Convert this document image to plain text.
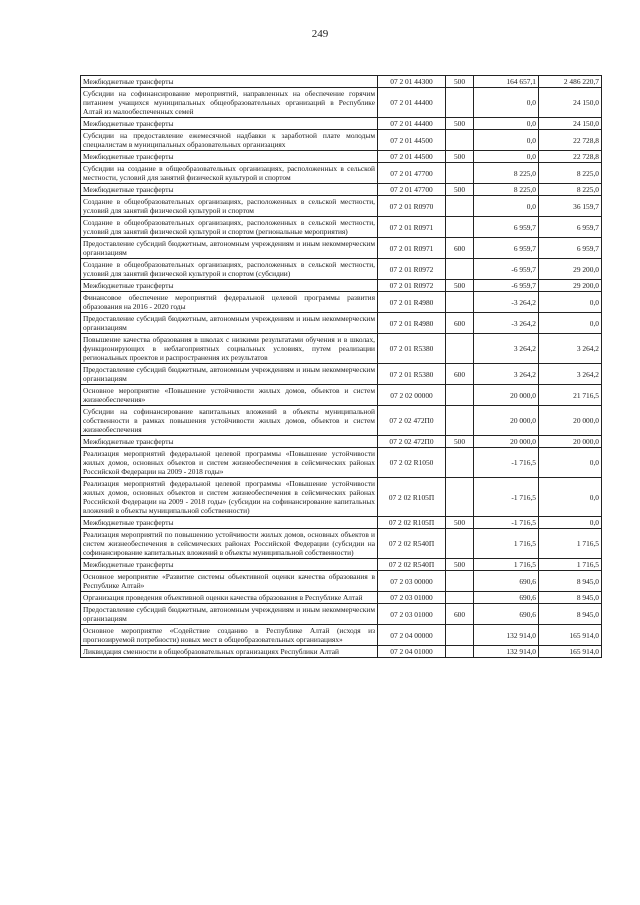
249
Межбюджетные трансферты	07 2 01 44300	500	164 657,1	2 486 220,7
Субсидии на софинансирование мероприятий, направленных на обеспечение горячим питанием учащихся муниципальных общеобразовательных организаций в Республике Алтай из малообеспеченных семей	07 2 01 44400		0,0	24 150,0
Межбюджетные трансферты	07 2 01 44400	500	0,0	24 150,0
Субсидии на предоставление ежемесячной надбавки к заработной плате молодым специалистам в муниципальных образовательных организациях	07 2 01 44500		0,0	22 728,8
Межбюджетные трансферты	07 2 01 44500	500	0,0	22 728,8
Субсидии на создание в общеобразовательных организациях, расположенных в сельской местности, условий для занятий физической культурой и спортом	07 2 01 47700		8 225,0	8 225,0
Межбюджетные трансферты	07 2 01 47700	500	8 225,0	8 225,0
Создание в общеобразовательных организациях, расположенных в сельской местности, условий для занятий физической культурой и спортом	07 2 01 R0970		0,0	36 159,7
Создание в общеобразовательных организациях, расположенных в сельской местности, условий для занятий физической культурой и спортом (региональные мероприятия)	07 2 01 R0971		6 959,7	6 959,7
Предоставление субсидий бюджетным, автономным учреждениям и иным некоммерческим организациям	07 2 01 R0971	600	6 959,7	6 959,7
Создание в общеобразовательных организациях, расположенных в сельской местности, условий для занятий физической культурой и спортом (субсидии)	07 2 01 R0972		-6 959,7	29 200,0
Межбюджетные трансферты	07 2 01 R0972	500	-6 959,7	29 200,0
Финансовое обеспечение мероприятий федеральной целевой программы развития образования на 2016 - 2020 годы	07 2 01 R4980		-3 264,2	0,0
Предоставление субсидий бюджетным, автономным учреждениям и иным некоммерческим организациям	07 2 01 R4980	600	-3 264,2	0,0
Повышение качества образования в школах с низкими результатами обучения и в школах, функционирующих в неблагоприятных социальных условиях, путем реализации региональных проектов и распространения их результатов	07 2 01 R5380		3 264,2	3 264,2
Предоставление субсидий бюджетным, автономным учреждениям и иным некоммерческим организациям	07 2 01 R5380	600	3 264,2	3 264,2
Основное мероприятие «Повышение устойчивости жилых домов, объектов и систем жизнеобеспечения»	07 2 02 00000		20 000,0	21 716,5
Субсидии на софинансирование капитальных вложений в объекты муниципальной собственности в рамках повышения устойчивости жилых домов, объектов и систем жизнеобеспечения	07 2 02 472П0		20 000,0	20 000,0
Межбюджетные трансферты	07 2 02 472П0	500	20 000,0	20 000,0
Реализация мероприятий федеральной целевой программы «Повышение устойчивости жилых домов, основных объектов и систем жизнеобеспечения в сейсмических районах Российской Федерации на 2009 - 2018 годы»	07 2 02 R1050		-1 716,5	0,0
Реализация мероприятий федеральной целевой программы «Повышение устойчивости жилых домов, основных объектов и систем жизнеобеспечения в сейсмических районах Российской Федерации на 2009 - 2018 годы» (субсидии на софинансирование капитальных вложений в объекты муниципальной собственности)	07 2 02 R105П		-1 716,5	0,0
Межбюджетные трансферты	07 2 02 R105П	500	-1 716,5	0,0
Реализация мероприятий по повышению устойчивости жилых домов, основных объектов и систем жизнеобеспечения в сейсмических районах Российской Федерации (субсидии на софинансирование капитальных вложений в объекты муниципальной собственности)	07 2 02 R540П		1 716,5	1 716,5
Межбюджетные трансферты	07 2 02 R540П	500	1 716,5	1 716,5
Основное мероприятие «Развитие системы объективной оценки качества образования в Республике Алтай»	07 2 03 00000		690,6	8 945,0
Организация проведения объективной оценки качества образования в Республике Алтай	07 2 03 01000		690,6	8 945,0
Предоставление субсидий бюджетным, автономным учреждениям и иным некоммерческим организациям	07 2 03 01000	600	690,6	8 945,0
Основное мероприятие «Содействие созданию в Республике Алтай (исходя из прогнозируемой потребности) новых мест в общеобразовательных организациях»	07 2 04 00000		132 914,0	165 914,0
Ликвидация сменности в общеобразовательных организациях Республики Алтай	07 2 04 01000		132 914,0	165 914,0
